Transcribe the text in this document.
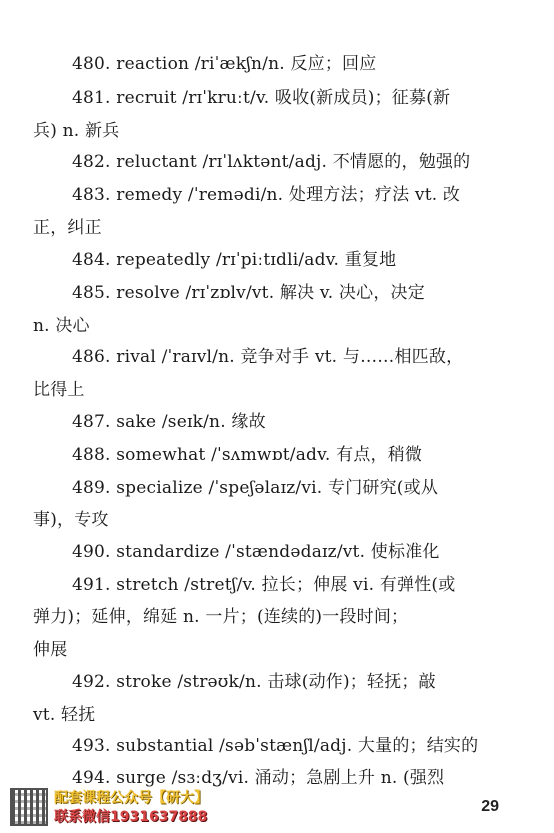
480. reaction /riˈækʃn/n. 反应；回应
481. recruit /rɪˈkruːt/v. 吸收(新成员)；征募(新
兵) n. 新兵
482. reluctant /rɪˈlʌktənt/adj. 不情愿的，勉强的
483. remedy /ˈremədi/n. 处理方法；疗法 vt. 改
正，纠正
484. repeatedly /rɪˈpiːtɪdli/adv. 重复地
485. resolve /rɪˈzɒlv/vt. 解决 v. 决心，决定
n. 决心
486. rival /ˈraɪvl/n. 竞争对手 vt. 与……相匹敌，
比得上
487. sake /seɪk/n. 缘故
488. somewhat /ˈsʌmwɒt/adv. 有点，稍微
489. specialize /ˈspeʃəlaɪz/vi. 专门研究(或从
事)，专攻
490. standardize /ˈstændədaɪz/vt. 使标准化
491. stretch /stretʃ/v. 拉长；伸展 vi. 有弹性(或
弹力)；延伸，绵延 n. 一片；(连续的)一段时间；
伸展
492. stroke /strəʊk/n. 击球(动作)；轻抚；敲
vt. 轻抚
493. substantial /səbˈstænʃl/adj. 大量的；结实的
494. surge /sɜːdʒ/vi. 涌动；急剧上升 n. (强烈
配套课程公众号【研大】
联系微信1931637888
29
